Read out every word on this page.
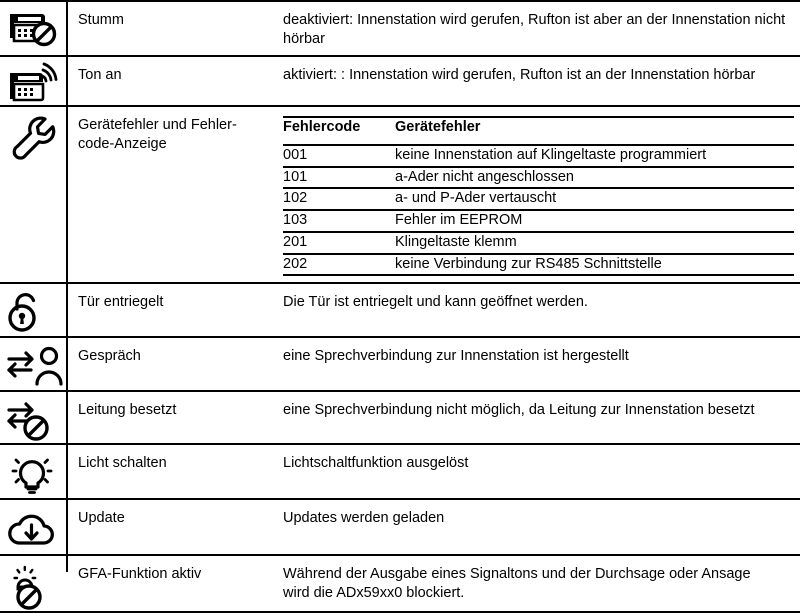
Stumm	deaktiviert: Innenstation wird gerufen, Rufton ist aber an der Innenstation nicht hörbar

Ton an	aktiviert: : Innenstation wird gerufen, Rufton ist an der Innenstation hörbar

Gerätefehler und Fehler-code-Anzeige

Fehlercode	Gerätefehler
001	keine Innenstation auf Klingeltaste programmiert
101	a-Ader nicht angeschlossen
102	a- und P-Ader vertauscht
103	Fehler im EEPROM
201	Klingeltaste klemm
202	keine Verbindung zur RS485 Schnittstelle

Tür entriegelt	Die Tür ist entriegelt und kann geöffnet werden.

Gespräch	eine Sprechverbindung zur Innenstation ist hergestellt

Leitung besetzt	eine Sprechverbindung nicht möglich, da Leitung zur Innenstation besetzt

Licht schalten	Lichtschaltfunktion ausgelöst

Update	Updates werden geladen

GFA-Funktion aktiv	Während der Ausgabe eines Signaltons und der Durchsage oder Ansage
wird die ADx59xx0 blockiert.
